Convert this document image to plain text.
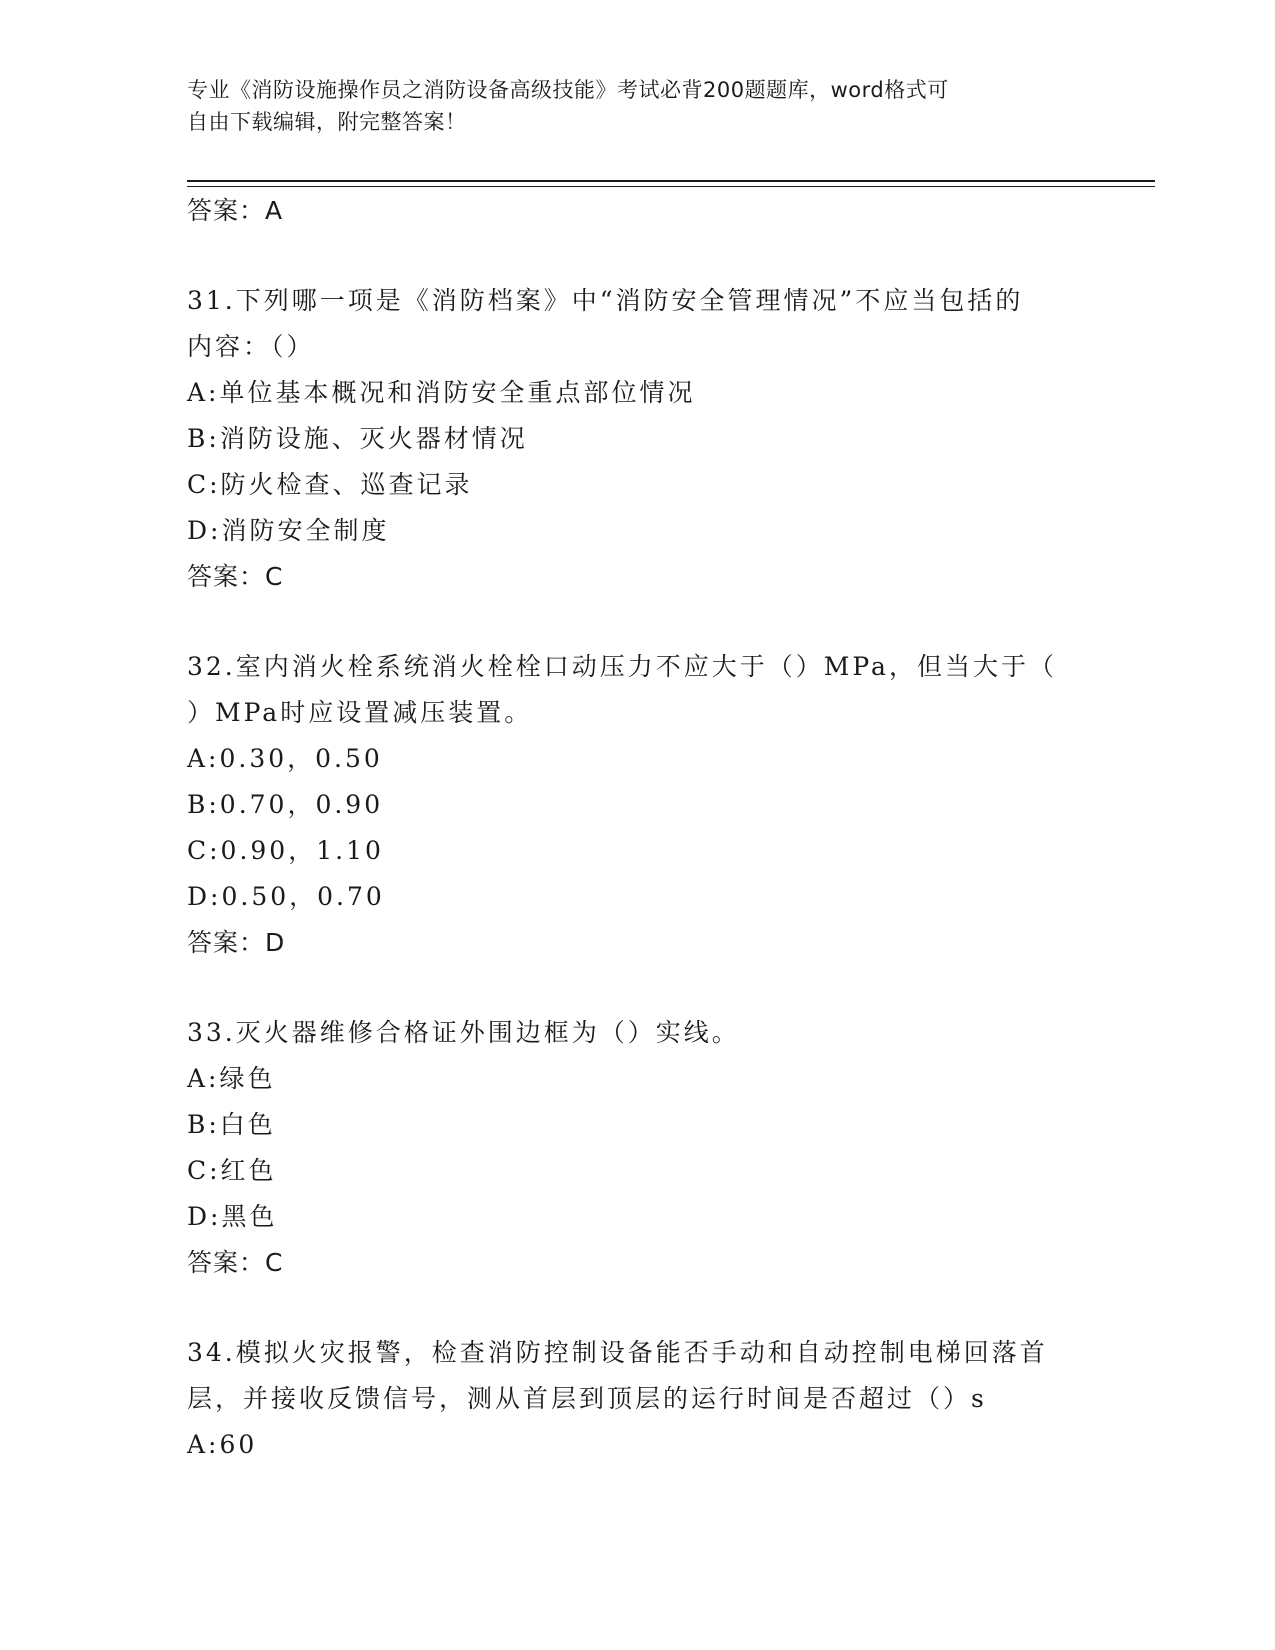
专业《消防设施操作员之消防设备高级技能》考试必背200题题库，word格式可
自由下载编辑，附完整答案！
答案：A
31.下列哪一项是《消防档案》中“消防安全管理情况”不应当包括的
内容：（）
A:单位基本概况和消防安全重点部位情况
B:消防设施、灭火器材情况
C:防火检查、巡查记录
D:消防安全制度
答案：C
32.室内消火栓系统消火栓栓口动压力不应大于（）MPa，但当大于（
）MPa时应设置减压装置。
A:0.30，0.50
B:0.70，0.90
C:0.90，1.10
D:0.50，0.70
答案：D
33.灭火器维修合格证外围边框为（）实线。
A:绿色
B:白色
C:红色
D:黑色
答案：C
34.模拟火灾报警，检查消防控制设备能否手动和自动控制电梯回落首
层，并接收反馈信号，测从首层到顶层的运行时间是否超过（）s
A:60
